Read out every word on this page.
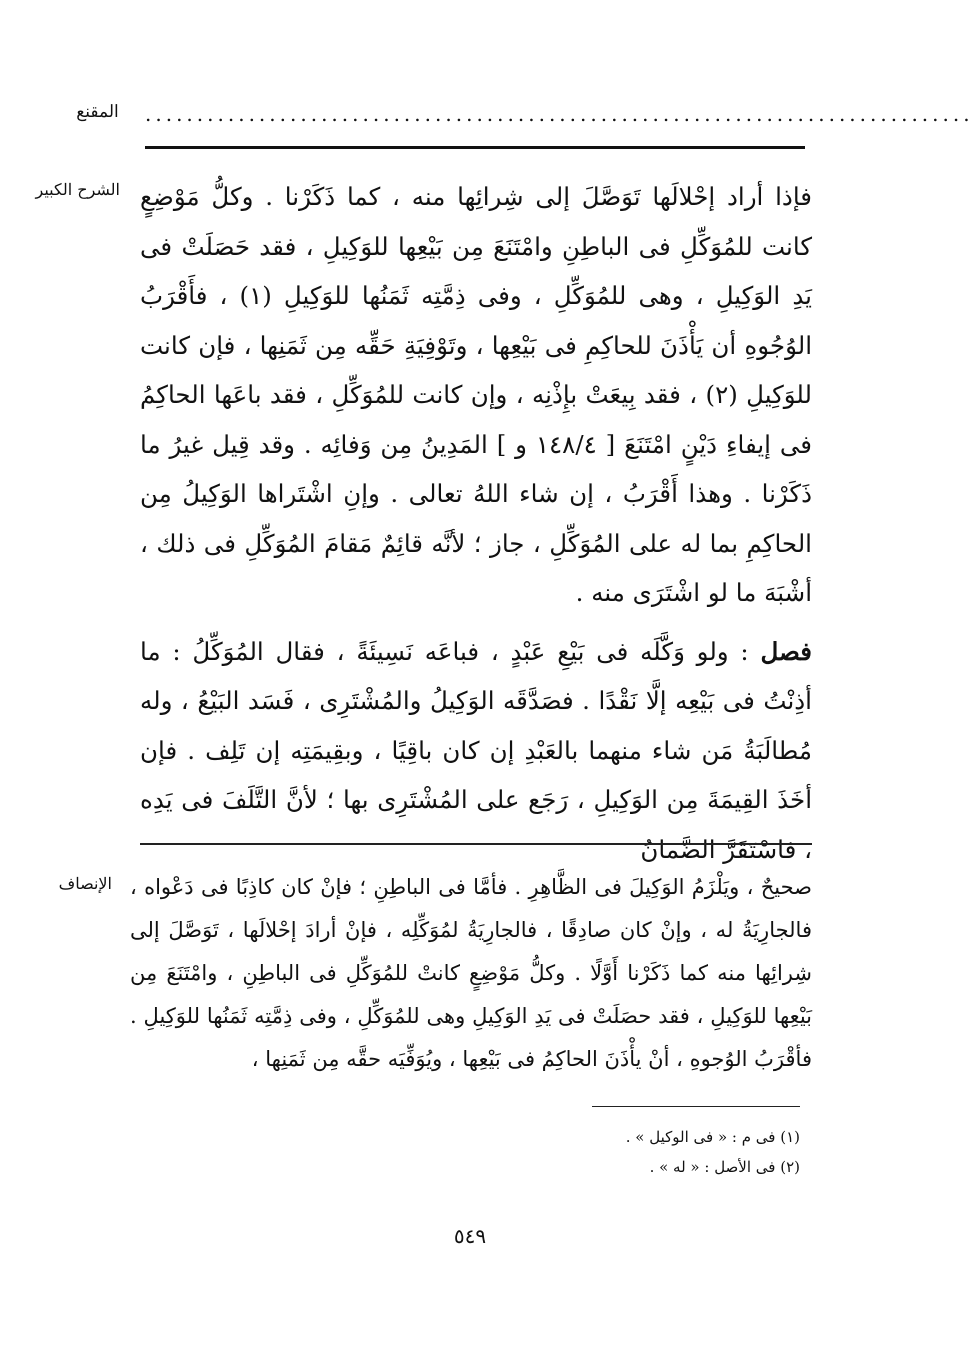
المقنع ................................................................................
الشرح الكبير فإذا أراد إحْلالَها تَوَصَّلَ إلى شِرائِها منه ، كما ذَكَرْنا . وكلُّ مَوْضِعٍ كانت للمُوَكِّلِ فى الباطِنِ وامْتَنَعَ مِن بَيْعِها للوَكِيلِ ، فقد حَصَلَتْ فى يَدِ الوَكِيلِ ، وهى للمُوَكِّلِ ، وفى ذِمَّتِه ثَمَنُها للوَكِيلِ (١) ، فأَقْرَبُ الوُجُوهِ أن يَأْذَنَ للحاكِمِ فى بَيْعِها ، وتَوْفِيَةِ حَقِّه مِن ثَمَنِها ، فإن كانت للوَكِيلِ (٢) ، فقد بِيعَتْ بإِذْنِه ، وإن كانت للمُوَكِّلِ ، فقد باعَها الحاكِمُ فى إيفاءِ دَيْنٍ امْتَنَعَ [ ١٤٨/٤ و ] المَدِينُ مِن وَفائِه . وقد قِيل غيرُ ما ذَكَرْنا . وهذا أَقْرَبُ ، إن شاء اللهُ تعالى . وإنِ اشْتَراها الوَكِيلُ مِن الحاكِمِ بما له على المُوَكِّلِ ، جاز ؛ لأنَّه قائِمٌ مَقامَ المُوَكِّلِ فى ذلك ، أشْبَهَ ما لو اشْتَرَى منه .

فصل : ولو وَكَّلَه فى بَيْعِ عَبْدٍ ، فباعَه نَسِيئَةً ، فقال المُوَكِّلُ : ما أذِنْتُ فى بَيْعِه إلَّا نَقْدًا . فصَدَّقَه الوَكِيلُ والمُشْتَرِى ، فَسَد البَيْعُ ، وله مُطالَبَةُ مَن شاء منهما بالعَبْدِ إن كان باقِيًا ، وبقِيمَتِه إن تَلِف . فإن أخَذَ القِيمَةَ مِن الوَكِيلِ ، رَجَع على المُشْتَرِى بها ؛ لأنَّ التَّلَفَ فى يَدِه ، فاسْتَقَرَّ الضَّمانُ

الإنصاف صحيحٌ ، ويَلْزَمُ الوَكِيلَ فى الظَّاهِرِ . فأمَّا فى الباطِنِ ؛ فإنْ كان كاذِبًا فى دَعْواه ، فالجارِيَةُ له ، وإنْ كان صادِقًا ، فالجارِيَةُ لمُوَكِّلِه ، فإنْ أرادَ إحْلالَها ، تَوَصَّلَ إلى شِرائِها منه كما ذَكَرْنا أَوَّلًا . وكلُّ مَوْضِعٍ كانتْ للمُوَكِّلِ فى الباطِنِ ، وامْتَنَعَ مِن بَيْعِها للوَكِيلِ ، فقد حصَلَتْ فى يَدِ الوَكِيلِ وهى للمُوَكِّلِ ، وفى ذِمَّتِه ثَمَنُها للوَكِيلِ . فأقْرَبُ الوُجوهِ ، أنْ يأْذَنَ الحاكِمُ فى بَيْعِها ، ويُوَفِّيَه حقَّه مِن ثَمَنِها ،

(١) فى م : « فى الوكيل » .
(٢) فى الأصل : « له » .
٥٤٩
